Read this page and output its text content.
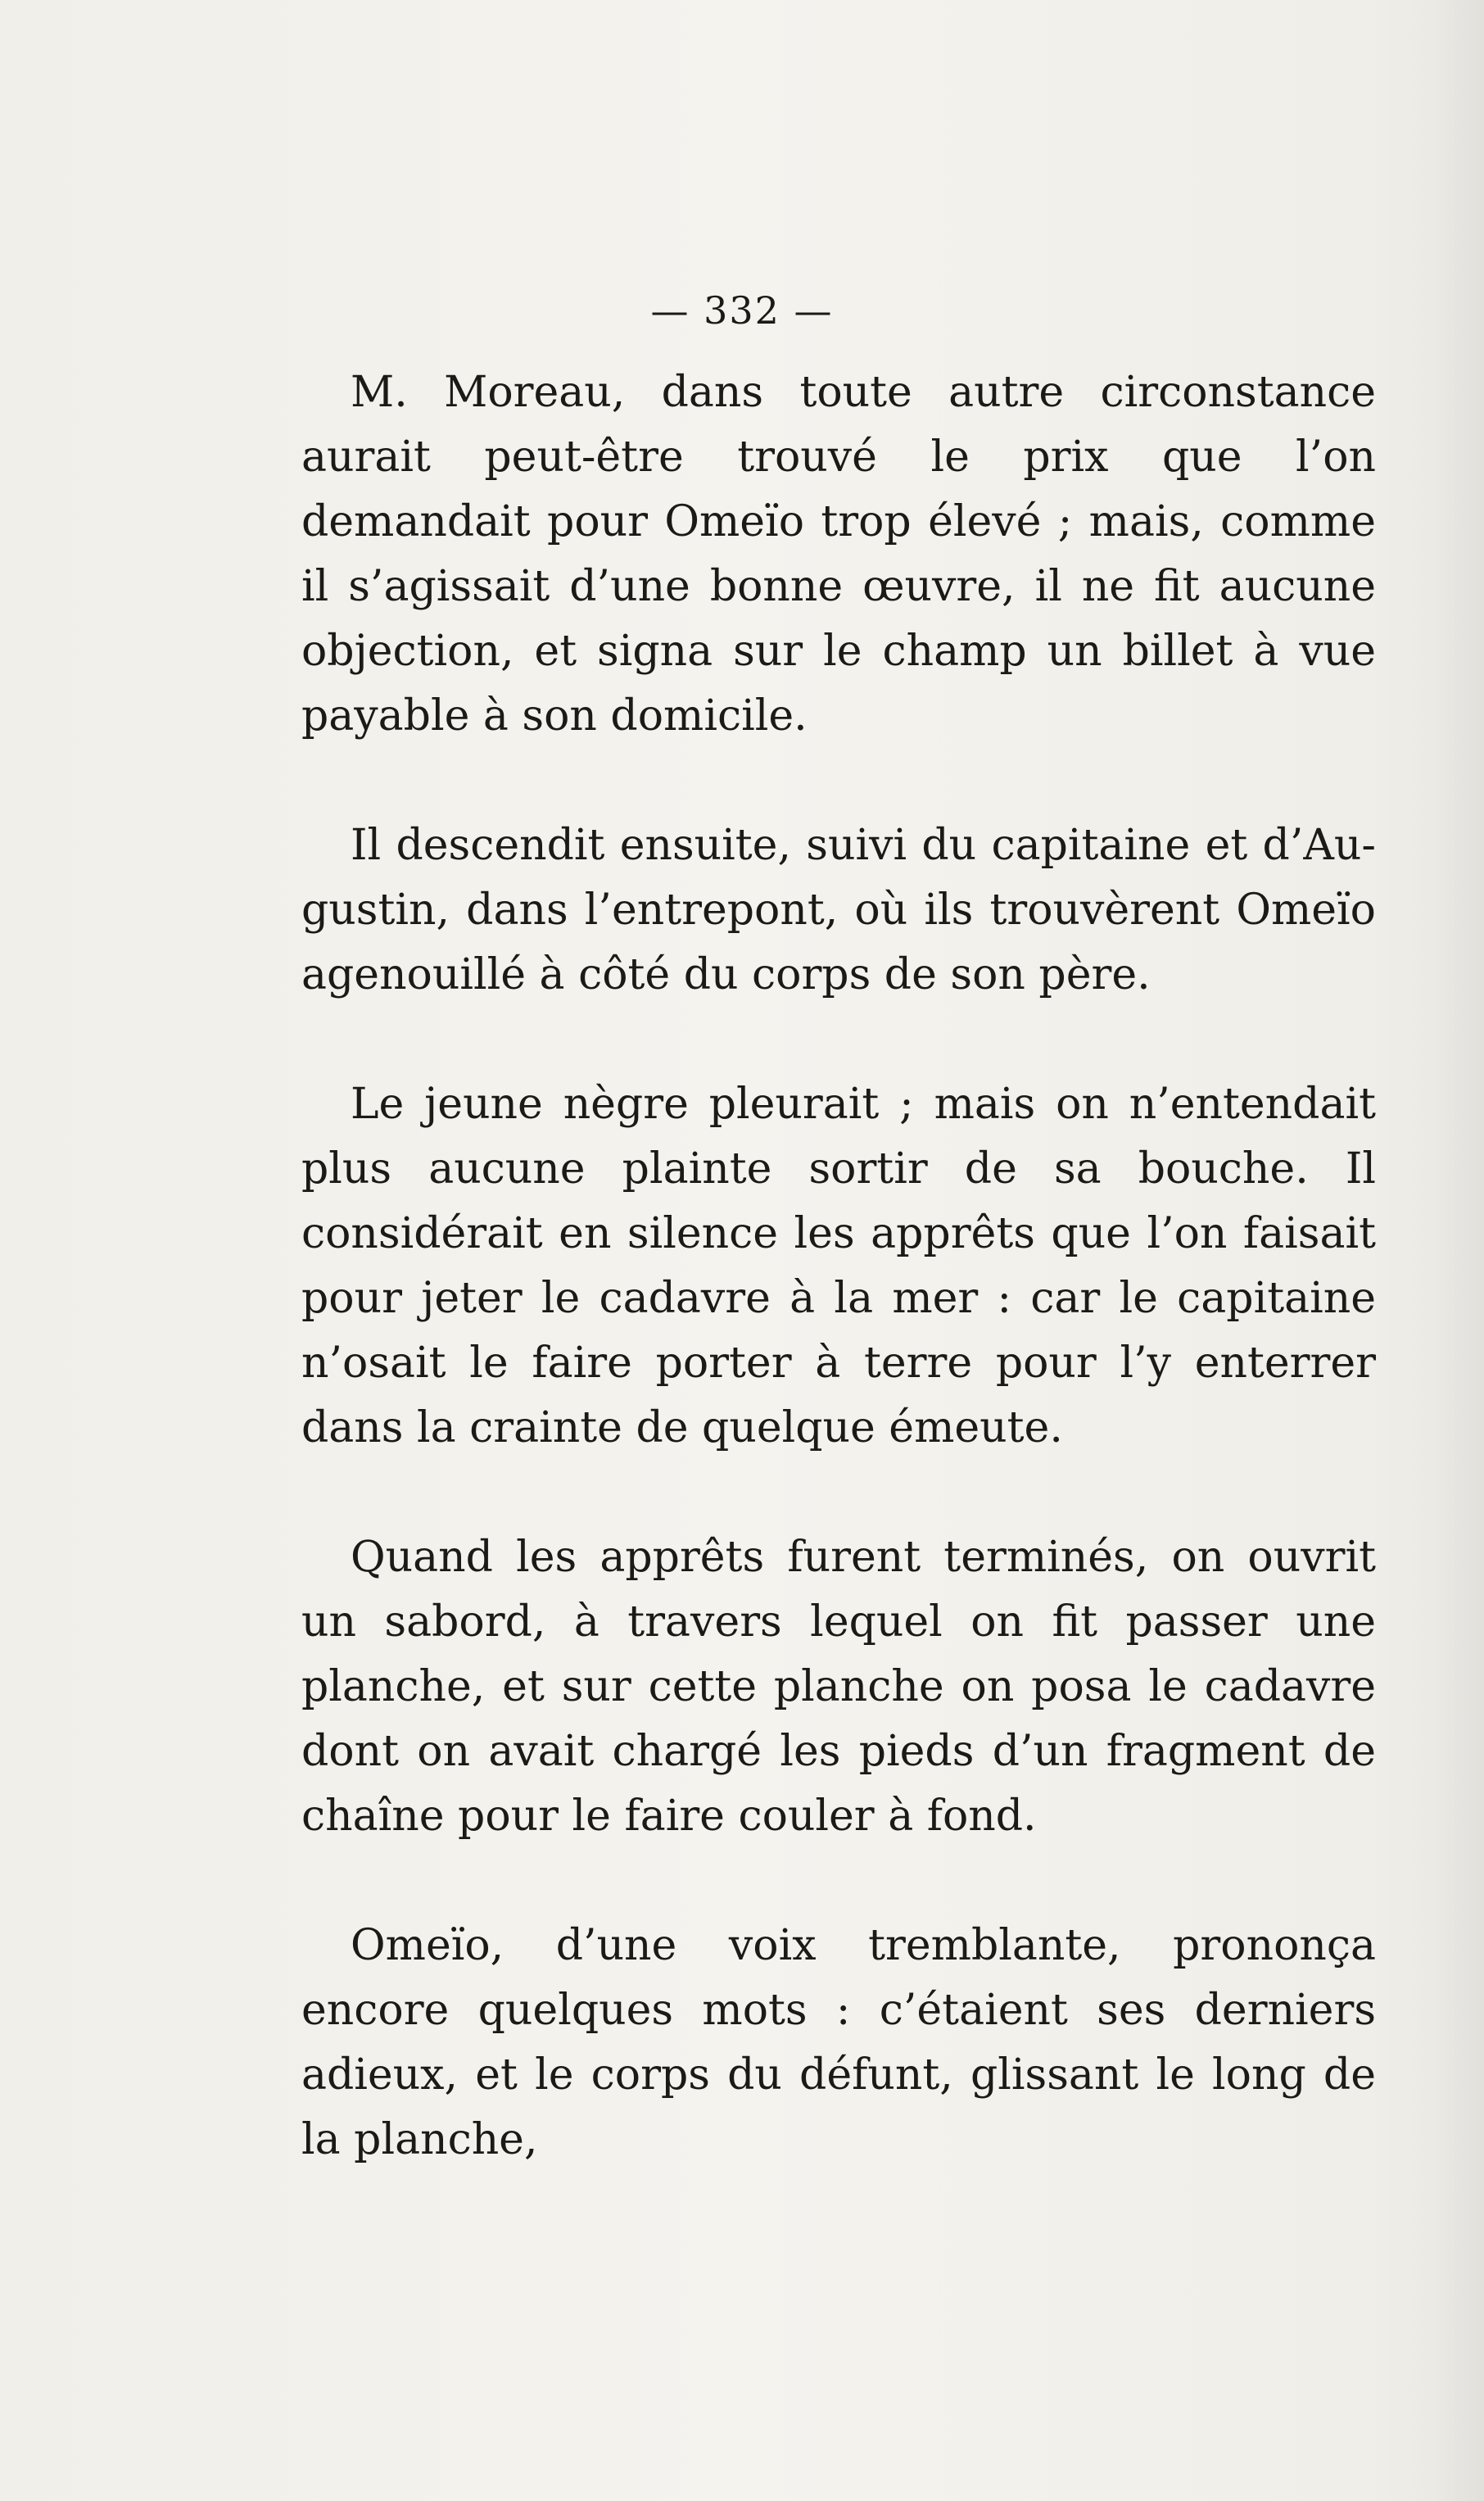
— 332 —

M. Moreau, dans toute autre circonstance aurait peut-être trouvé le prix que l’on demandait pour Omeïo trop élevé ; mais, comme il s’agissait d’une bonne œuvre, il ne fit aucune objection, et signa sur le champ un billet à vue payable à son domicile.

Il descendit ensuite, suivi du capitaine et d’Augustin, dans l’entrepont, où ils trouvèrent Omeïo agenouillé à côté du corps de son père.

Le jeune nègre pleurait ; mais on n’entendait plus aucune plainte sortir de sa bouche. Il considérait en silence les apprêts que l’on faisait pour jeter le cadavre à la mer : car le capitaine n’osait le faire porter à terre pour l’y enterrer dans la crainte de quelque émeute.

Quand les apprêts furent terminés, on ouvrit un sabord, à travers lequel on fit passer une planche, et sur cette planche on posa le cadavre dont on avait chargé les pieds d’un fragment de chaîne pour le faire couler à fond.

Omeïo, d’une voix tremblante, prononça encore quelques mots : c’étaient ses derniers adieux, et le corps du défunt, glissant le long de la planche,
